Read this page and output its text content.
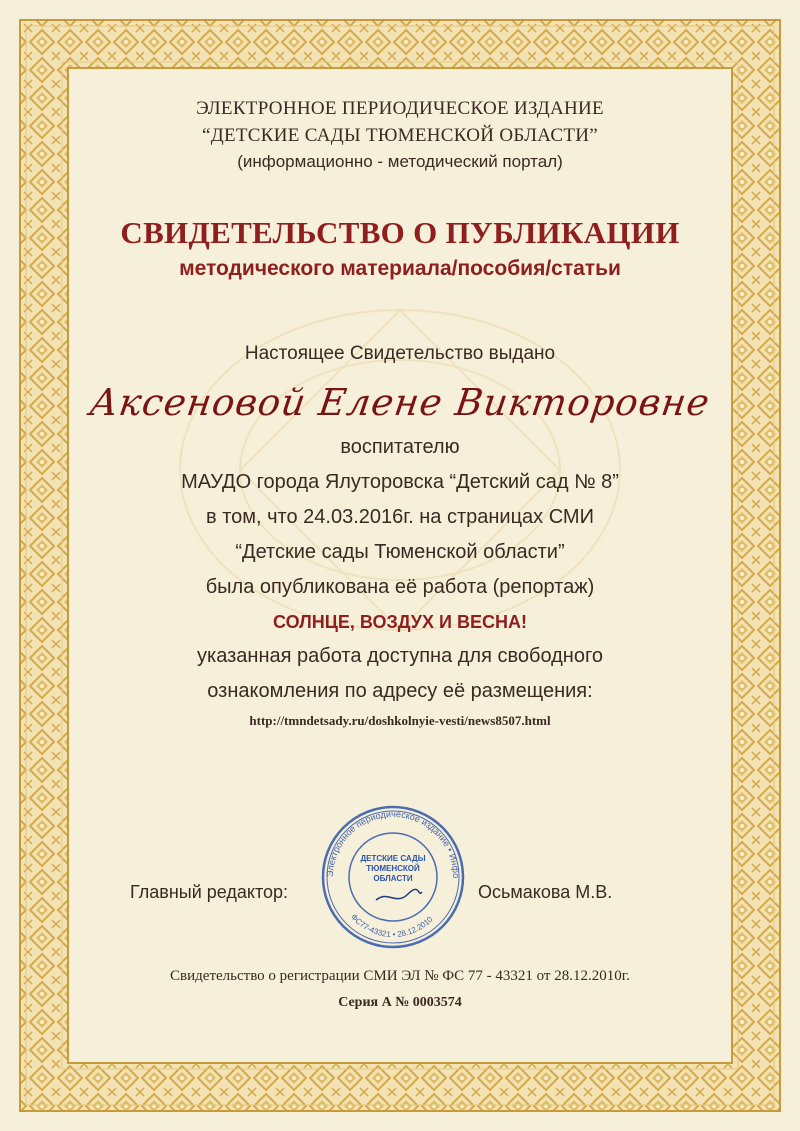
ЭЛЕКТРОННОЕ ПЕРИОДИЧЕСКОЕ ИЗДАНИЕ
“ДЕТСКИЕ САДЫ ТЮМЕНСКОЙ ОБЛАСТИ”
(информационно - методический портал)
СВИДЕТЕЛЬСТВО О ПУБЛИКАЦИИ
методического материала/пособия/статьи
Настоящее Свидетельство выдано
Аксеновой Елене Викторовне
воспитателю
МАУДО города Ялуторовска “Детский сад № 8”
в том, что 24.03.2016г. на страницах СМИ
“Детские сады Тюменской области”
была опубликована её работа (репортаж)
СОЛНЦЕ, ВОЗДУХ И ВЕСНА!
указанная работа доступна для свободного
ознакомления по адресу её размещения:
http://tmndetsady.ru/doshkolnyie-vesti/news8507.html
Главный редактор:
Электронное периодическое издание • Инфо
ФС77-43321 • 28.12.2010
ДЕТСКИЕ САДЫ
ТЮМЕНСКОЙ
ОБЛАСТИ
Осьмакова М.В.
Свидетельство о регистрации СМИ ЭЛ № ФС 77 - 43321 от 28.12.2010г.
Серия А № 0003574
